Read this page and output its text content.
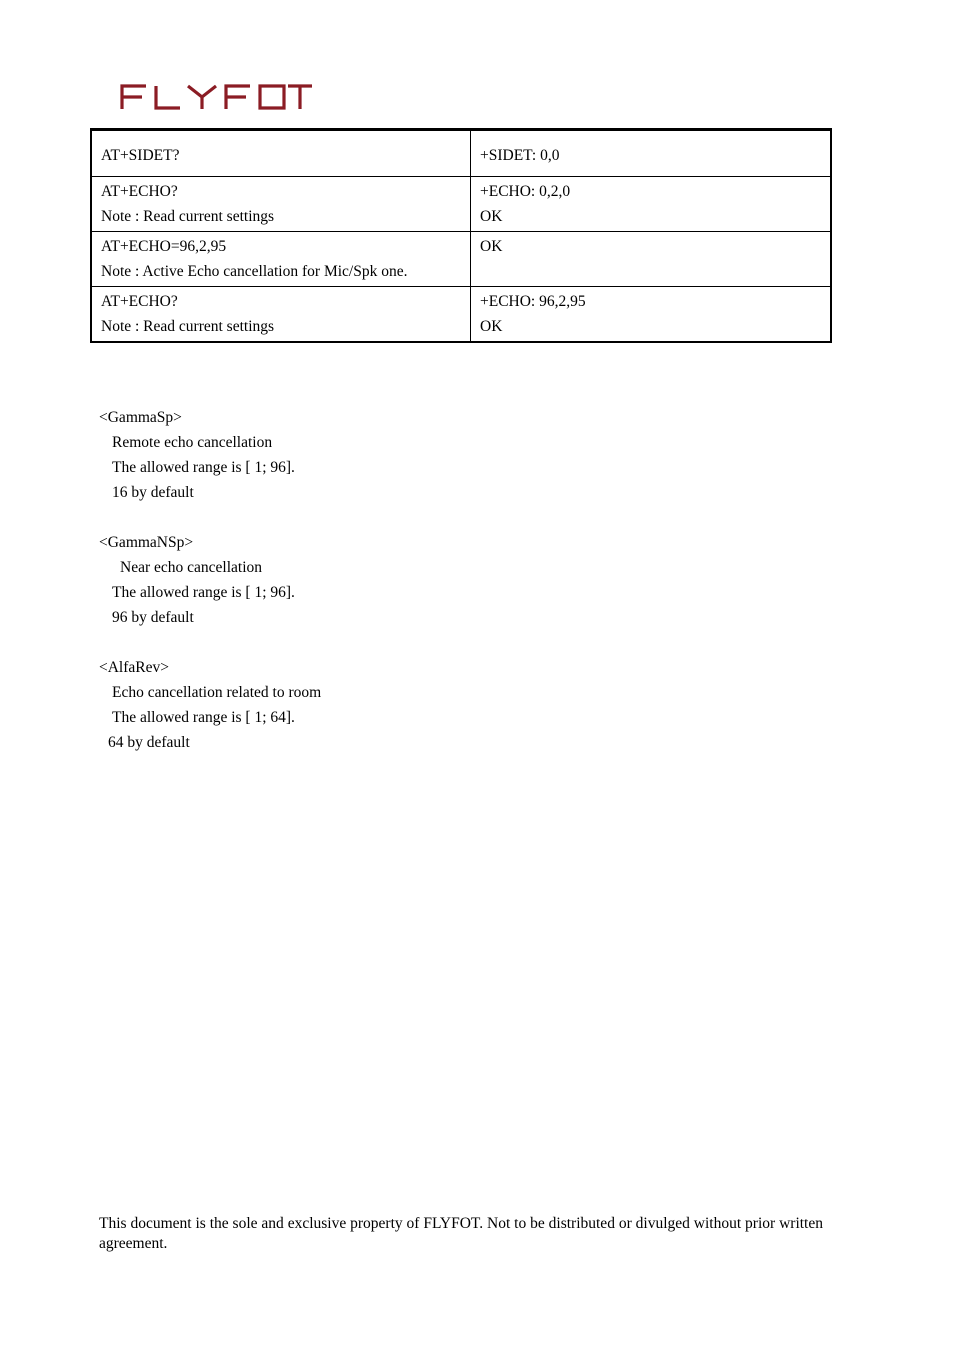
AT+SIDET?	+SIDET: 0,0

AT+ECHO?
Note : Read current settings	+ECHO: 0,2,0
OK

AT+ECHO=96,2,95
Note : Active Echo cancellation for Mic/Spk one.	OK

AT+ECHO?
Note : Read current settings	+ECHO: 96,2,95
OK
<GammaSp>
Remote echo cancellation
The allowed range is [ 1; 96].
16 by default
<GammaNSp>
Near echo cancellation
The allowed range is [ 1; 96].
96 by default
<AlfaRev>
Echo cancellation related to room
The allowed range is [ 1; 64].
64 by default
This document is the sole and exclusive property of FLYFOT. Not to be distributed or divulged without prior written agreement.
